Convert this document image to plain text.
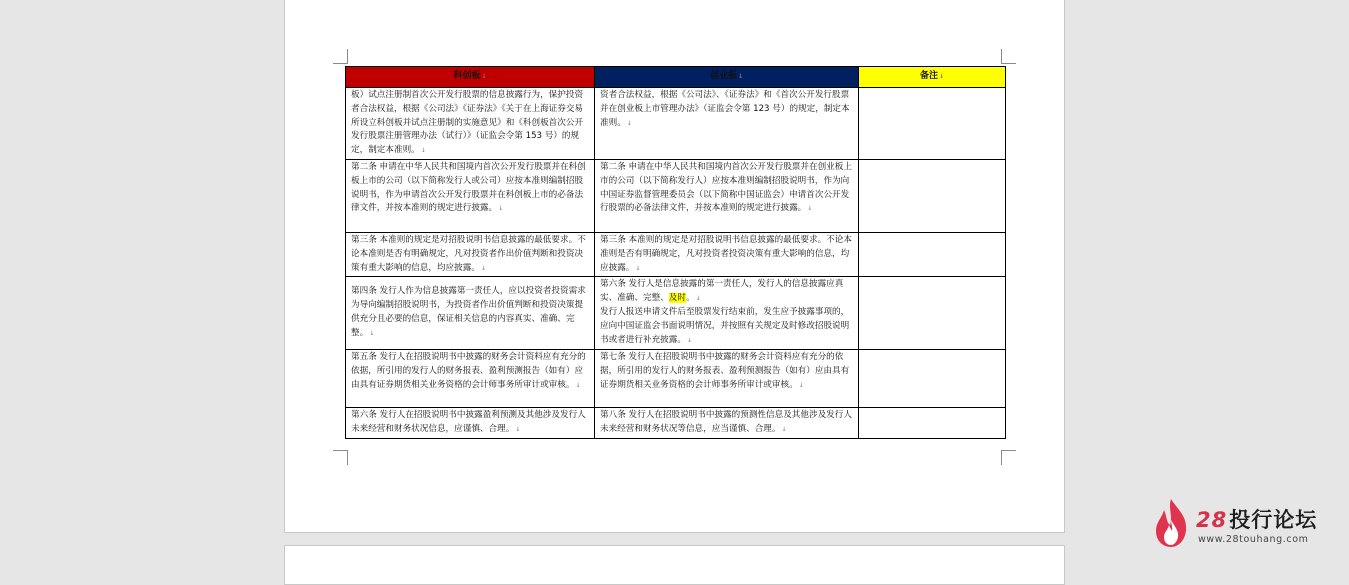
科创板↓	创业板↓	备注↓
板）试点注册制首次公开发行股票的信息披露行为，保护投资者合法权益，根据《公司法》《证券法》《关于在上海证券交易所设立科创板并试点注册制的实施意见》和《科创板首次公开发行股票注册管理办法（试行）》（证监会令第 153 号）的规定，制定本准则。↓	资者合法权益，根据《公司法》、《证券法》和《首次公开发行股票并在创业板上市管理办法》（证监会令第 123 号）的规定，制定本准则。↓	
第二条 申请在中华人民共和国境内首次公开发行股票并在科创板上市的公司（以下简称发行人或公司）应按本准则编制招股说明书，作为申请首次公开发行股票并在科创板上市的必备法律文件，并按本准则的规定进行披露。↓	第二条 申请在中华人民共和国境内首次公开发行股票并在创业板上市的公司（以下简称发行人）应按本准则编制招股说明书，作为向中国证券监督管理委员会（以下简称中国证监会）申请首次公开发行股票的必备法律文件，并按本准则的规定进行披露。↓	
第三条 本准则的规定是对招股说明书信息披露的最低要求。不论本准则是否有明确规定，凡对投资者作出价值判断和投资决策有重大影响的信息，均应披露。↓	第三条 本准则的规定是对招股说明书信息披露的最低要求。不论本准则是否有明确规定，凡对投资者投资决策有重大影响的信息，均应披露。↓	
第四条 发行人作为信息披露第一责任人，应以投资者投资需求为导向编制招股说明书，为投资者作出价值判断和投资决策提供充分且必要的信息，保证相关信息的内容真实、准确、完整。↓	第六条 发行人是信息披露的第一责任人，发行人的信息披露应真实、准确、完整、及时。↓
发行人报送申请文件后至股票发行结束前，发生应予披露事项的，应向中国证监会书面说明情况，并按照有关规定及时修改招股说明书或者进行补充披露。↓	
第五条 发行人在招股说明书中披露的财务会计资料应有充分的依据，所引用的发行人的财务报表、盈利预测报告（如有）应由具有证券期货相关业务资格的会计师事务所审计或审核。↓	第七条 发行人在招股说明书中披露的财务会计资料应有充分的依据，所引用的发行人的财务报表、盈利预测报告（如有）应由具有证券期货相关业务资格的会计师事务所审计或审核。↓	
第六条 发行人在招股说明书中披露盈利预测及其他涉及发行人未来经营和财务状况信息，应谨慎、合理。↓	第八条 发行人在招股说明书中披露的预测性信息及其他涉及发行人未来经营和财务状况等信息，应当谨慎、合理。↓	
28投行论坛
www.28touhang.com
